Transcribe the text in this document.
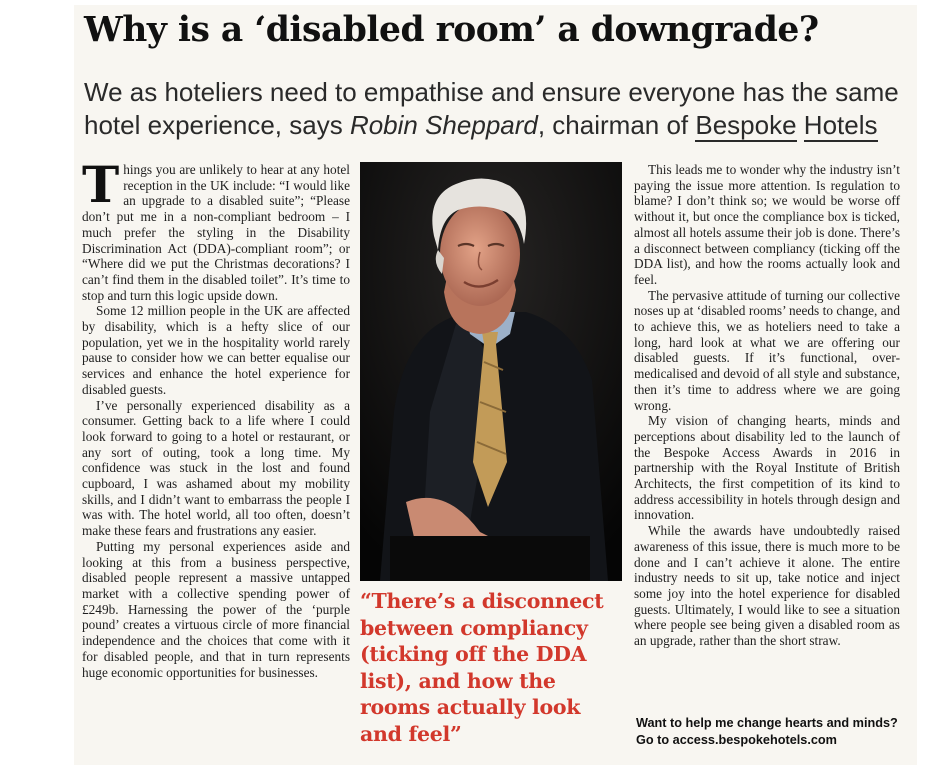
Why is a ‘disabled room’ a downgrade?

We as hoteliers need to empathise and ensure everyone has the same hotel experience, says Robin Sheppard, chairman of Bespoke Hotels

Things you are unlikely to hear at any hotel reception in the UK include: “I would like an upgrade to a disabled suite”; “Please don’t put me in a non-compliant bedroom – I much prefer the styling in the Disability Discrimination Act (DDA)-compliant room”; or “Where did we put the Christmas decorations? I can’t find them in the disabled toilet”. It’s time to stop and turn this logic upside down.

Some 12 million people in the UK are affected by disability, which is a hefty slice of our population, yet we in the hospitality world rarely pause to consider how we can better equalise our services and enhance the hotel experience for disabled guests.

I’ve personally experienced disability as a consumer. Getting back to a life where I could look forward to going to a hotel or restaurant, or any sort of outing, took a long time. My confidence was stuck in the lost and found cupboard, I was ashamed about my mobility skills, and I didn’t want to embarrass the people I was with. The hotel world, all too often, doesn’t make these fears and frustrations any easier.

Putting my personal experiences aside and looking at this from a business perspective, disabled people represent a massive untapped market with a collective spending power of £249b. Harnessing the power of the ‘purple pound’ creates a virtuous circle of more financial independence and the choices that come with it for disabled people, and that in turn represents huge economic opportunities for businesses.

“There’s a disconnect between compliancy (ticking off the DDA list), and how the rooms actually look and feel”

This leads me to wonder why the industry isn’t paying the issue more attention. Is regulation to blame? I don’t think so; we would be worse off without it, but once the compliance box is ticked, almost all hotels assume their job is done. There’s a disconnect between compliancy (ticking off the DDA list), and how the rooms actually look and feel.

The pervasive attitude of turning our collective noses up at ‘disabled rooms’ needs to change, and to achieve this, we as hoteliers need to take a long, hard look at what we are offering our disabled guests. If it’s functional, over-medicalised and devoid of all style and substance, then it’s time to address where we are going wrong.

My vision of changing hearts, minds and perceptions about disability led to the launch of the Bespoke Access Awards in 2016 in partnership with the Royal Institute of British Architects, the first competition of its kind to address accessibility in hotels through design and innovation.

While the awards have undoubtedly raised awareness of this issue, there is much more to be done and I can’t achieve it alone. The entire industry needs to sit up, take notice and inject some joy into the hotel experience for disabled guests. Ultimately, I would like to see a situation where people see being given a disabled room as an upgrade, rather than the short straw.

Want to help me change hearts and minds?
Go to access.bespokehotels.com
